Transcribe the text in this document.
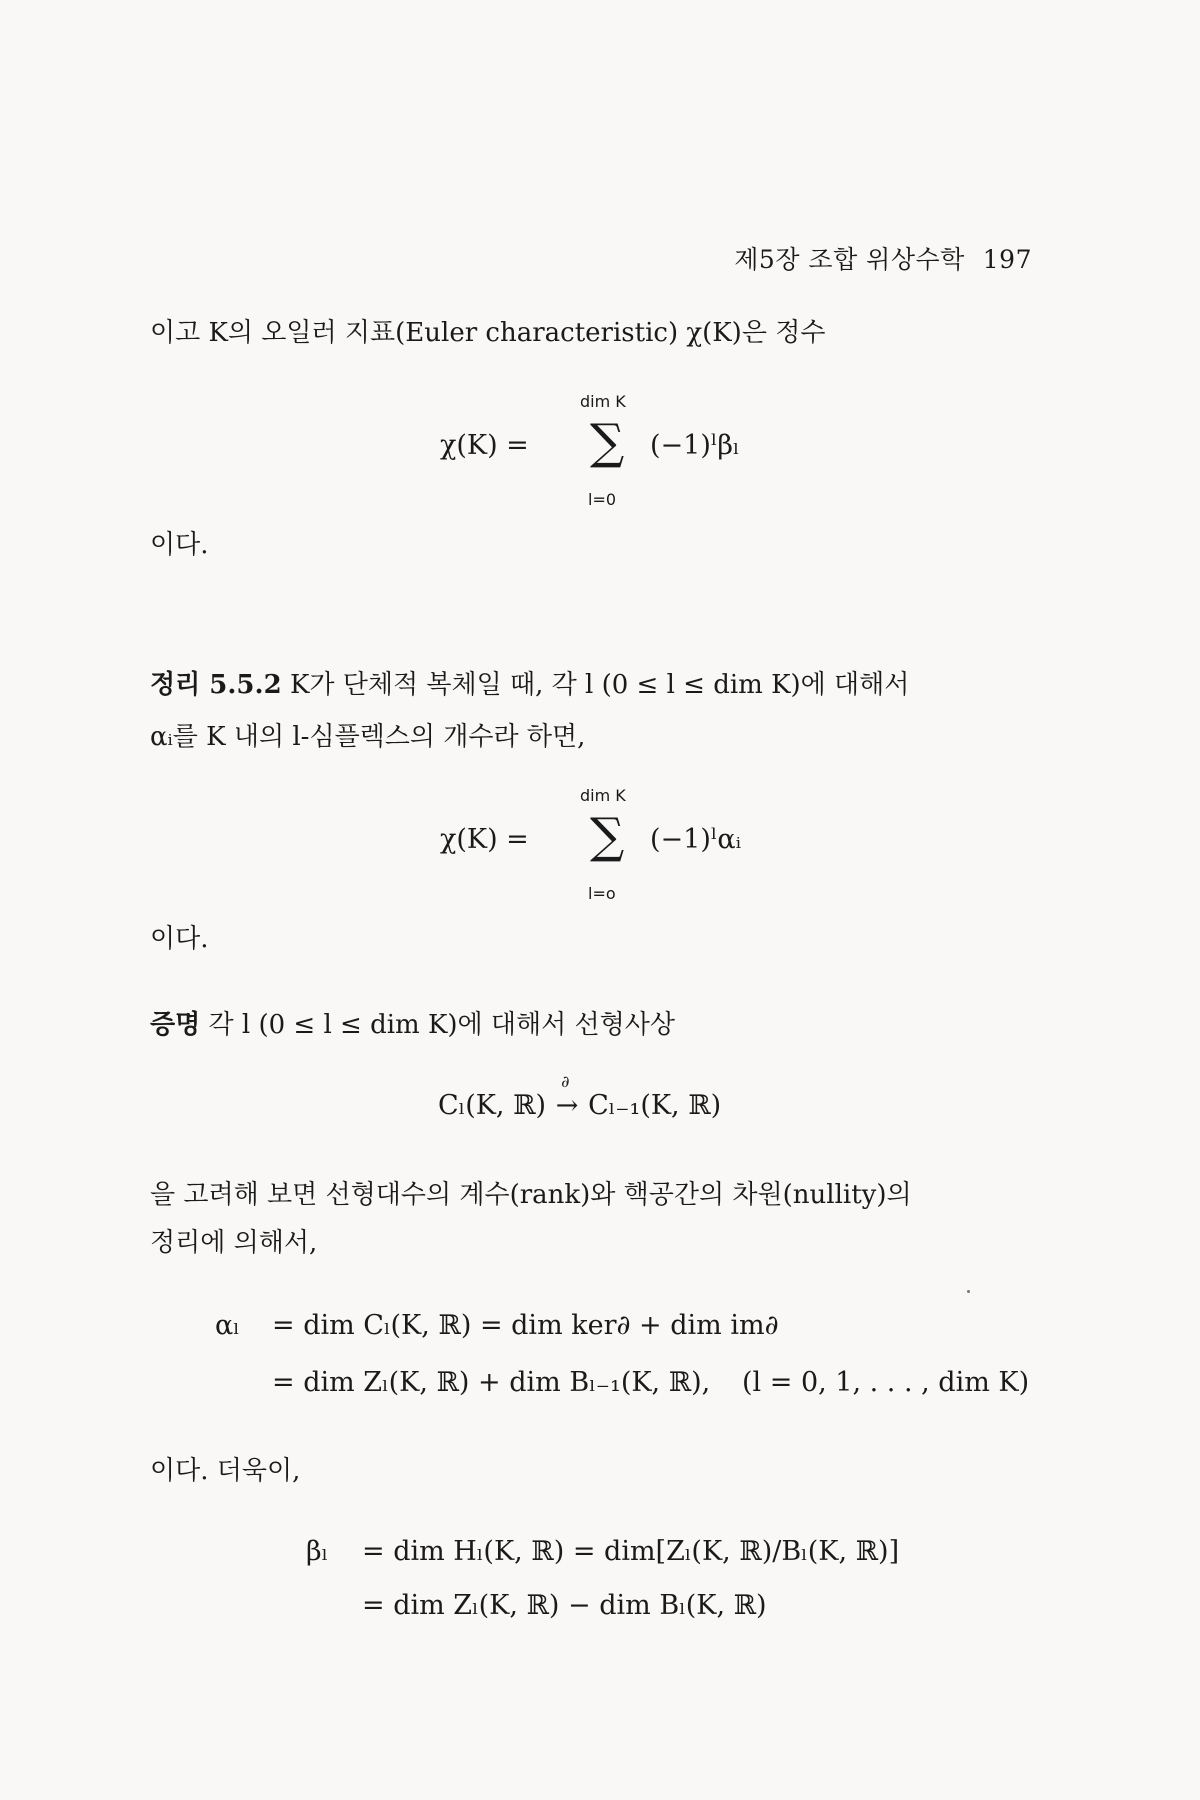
제5장 조합 위상수학 197
이고 K의 오일러 지표(Euler characteristic) χ(K)은 정수
dim K
χ(K) = ∑
l=0
(−1)ˡβₗ
이다.
정리 5.5.2 K가 단체적 복체일 때, 각 l (0 ≤ l ≤ dim K)에 대해서
αᵢ를 K 내의 l-심플렉스의 개수라 하면,
dim K
χ(K) = ∑
l=o
(−1)ˡαᵢ
이다.
증명 각 l (0 ≤ l ≤ dim K)에 대해서 선형사상
Cₗ(K, ℝ)
∂
→ Cₗ₋₁(K, ℝ)
을 고려해 보면 선형대수의 계수(rank)와 핵공간의 차원(nullity)의
정리에 의해서,
αₗ = dim Cₗ(K, ℝ) = dim ker∂ + dim im∂
= dim Zₗ(K, ℝ) + dim Bₗ₋₁(K, ℝ), (l = 0, 1, . . . , dim K)
이다. 더욱이,
βₗ = dim Hₗ(K, ℝ) = dim[Zₗ(K, ℝ)/Bₗ(K, ℝ)]
= dim Zₗ(K, ℝ) − dim Bₗ(K, ℝ)
